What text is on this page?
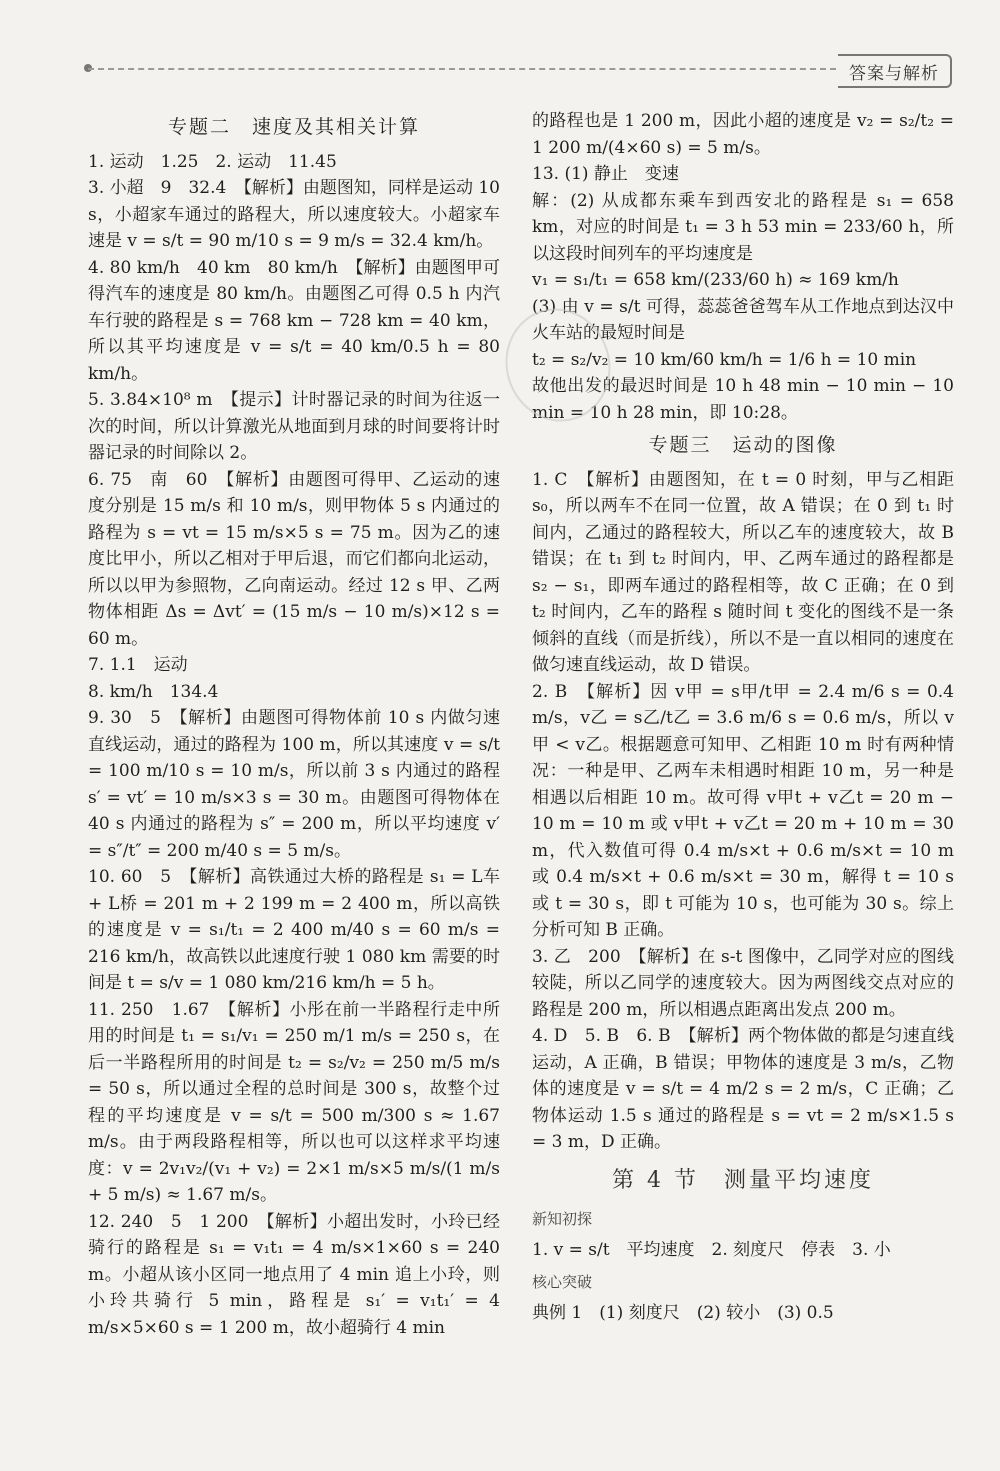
答案与解析
专题二　速度及其相关计算

1. 运动　1.25　2. 运动　11.45

3. 小超　9　32.4　【解析】由题图知，同样是运动 10 s，小超家车通过的路程大，所以速度较大。小超家车速是 v = s/t = 90 m/10 s = 9 m/s = 32.4 km/h。

4. 80 km/h　40 km　80 km/h　【解析】由题图甲可得汽车的速度是 80 km/h。由题图乙可得 0.5 h 内汽车行驶的路程是 s = 768 km − 728 km = 40 km，所以其平均速度是 v = s/t = 40 km/0.5 h = 80 km/h。

5. 3.84×10⁸ m　【提示】计时器记录的时间为往返一次的时间，所以计算激光从地面到月球的时间要将计时器记录的时间除以 2。

6. 75　南　60　【解析】由题图可得甲、乙运动的速度分别是 15 m/s 和 10 m/s，则甲物体 5 s 内通过的路程为 s = vt = 15 m/s×5 s = 75 m。因为乙的速度比甲小，所以乙相对于甲后退，而它们都向北运动，所以以甲为参照物，乙向南运动。经过 12 s 甲、乙两物体相距 Δs = Δvt′ = (15 m/s − 10 m/s)×12 s = 60 m。

7. 1.1　运动

8. km/h　134.4

9. 30　5　【解析】由题图可得物体前 10 s 内做匀速直线运动，通过的路程为 100 m，所以其速度 v = s/t = 100 m/10 s = 10 m/s，所以前 3 s 内通过的路程 s′ = vt′ = 10 m/s×3 s = 30 m。由题图可得物体在 40 s 内通过的路程为 s″ = 200 m，所以平均速度 v′ = s″/t″ = 200 m/40 s = 5 m/s。

10. 60　5　【解析】高铁通过大桥的路程是 s₁ = L车 + L桥 = 201 m + 2 199 m = 2 400 m，所以高铁的速度是 v = s₁/t₁ = 2 400 m/40 s = 60 m/s = 216 km/h，故高铁以此速度行驶 1 080 km 需要的时间是 t = s/v = 1 080 km/216 km/h = 5 h。

11. 250　1.67　【解析】小彤在前一半路程行走中所用的时间是 t₁ = s₁/v₁ = 250 m/1 m/s = 250 s，在后一半路程所用的时间是 t₂ = s₂/v₂ = 250 m/5 m/s = 50 s，所以通过全程的总时间是 300 s，故整个过程的平均速度是 v = s/t = 500 m/300 s ≈ 1.67 m/s。由于两段路程相等，所以也可以这样求平均速度：v = 2v₁v₂/(v₁ + v₂) = 2×1 m/s×5 m/s/(1 m/s + 5 m/s) ≈ 1.67 m/s。

12. 240　5　1 200　【解析】小超出发时，小玲已经骑行的路程是 s₁ = v₁t₁ = 4 m/s×1×60 s = 240 m。小超从该小区同一地点用了 4 min 追上小玲，则小玲共骑行 5 min，路程是 s₁′ = v₁t₁′ = 4 m/s×5×60 s = 1 200 m，故小超骑行 4 min

的路程也是 1 200 m，因此小超的速度是 v₂ = s₂/t₂ = 1 200 m/(4×60 s) = 5 m/s。

13. (1) 静止　变速

解：(2) 从成都东乘车到西安北的路程是 s₁ = 658 km，对应的时间是 t₁ = 3 h 53 min = 233/60 h，所以这段时间列车的平均速度是

v₁ = s₁/t₁ = 658 km/(233/60 h) ≈ 169 km/h

(3) 由 v = s/t 可得，蕊蕊爸爸驾车从工作地点到达汉中火车站的最短时间是

t₂ = s₂/v₂ = 10 km/60 km/h = 1/6 h = 10 min

故他出发的最迟时间是 10 h 48 min − 10 min − 10 min = 10 h 28 min，即 10:28。

专题三　运动的图像

1. C　【解析】由题图知，在 t = 0 时刻，甲与乙相距 s₀，所以两车不在同一位置，故 A 错误；在 0 到 t₁ 时间内，乙通过的路程较大，所以乙车的速度较大，故 B 错误；在 t₁ 到 t₂ 时间内，甲、乙两车通过的路程都是 s₂ − s₁，即两车通过的路程相等，故 C 正确；在 0 到 t₂ 时间内，乙车的路程 s 随时间 t 变化的图线不是一条倾斜的直线（而是折线），所以不是一直以相同的速度在做匀速直线运动，故 D 错误。

2. B　【解析】因 v甲 = s甲/t甲 = 2.4 m/6 s = 0.4 m/s，v乙 = s乙/t乙 = 3.6 m/6 s = 0.6 m/s，所以 v甲 < v乙。根据题意可知甲、乙相距 10 m 时有两种情况：一种是甲、乙两车未相遇时相距 10 m，另一种是相遇以后相距 10 m。故可得 v甲t + v乙t = 20 m − 10 m = 10 m 或 v甲t + v乙t = 20 m + 10 m = 30 m，代入数值可得 0.4 m/s×t + 0.6 m/s×t = 10 m 或 0.4 m/s×t + 0.6 m/s×t = 30 m，解得 t = 10 s 或 t = 30 s，即 t 可能为 10 s，也可能为 30 s。综上分析可知 B 正确。

3. 乙　200　【解析】在 s-t 图像中，乙同学对应的图线较陡，所以乙同学的速度较大。因为两图线交点对应的路程是 200 m，所以相遇点距离出发点 200 m。

4. D　5. B　6. B　【解析】两个物体做的都是匀速直线运动，A 正确，B 错误；甲物体的速度是 3 m/s，乙物体的速度是 v = s/t = 4 m/2 s = 2 m/s，C 正确；乙物体运动 1.5 s 通过的路程是 s = vt = 2 m/s×1.5 s = 3 m，D 正确。

第 4 节　测量平均速度
新知初探

1. v = s/t　平均速度　2. 刻度尺　停表　3. 小

核心突破

典例 1　(1) 刻度尺　(2) 较小　(3) 0.5
